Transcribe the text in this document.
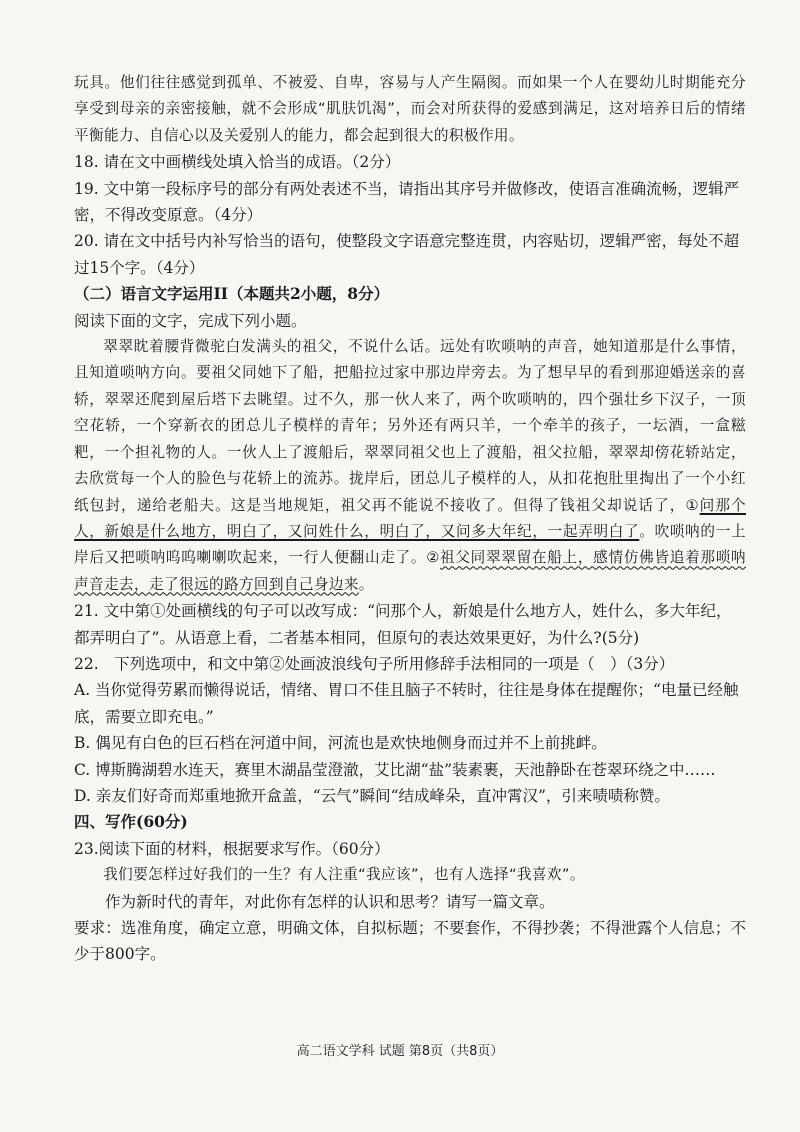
玩具。他们往往感觉到孤单、不被爱、自卑，容易与人产生隔阂。而如果一个人在婴幼儿时期能充分享受到母亲的亲密接触，就不会形成“肌肤饥渴”，而会对所获得的爱感到满足，这对培养日后的情绪平衡能力、自信心以及关爱别人的能力，都会起到很大的积极作用。

18. 请在文中画横线处填入恰当的成语。（2分）

19. 文中第一段标序号的部分有两处表述不当，请指出其序号并做修改，使语言准确流畅，逻辑严密，不得改变原意。（4分）

20. 请在文中括号内补写恰当的语句，使整段文字语意完整连贯，内容贴切，逻辑严密，每处不超过15个字。（4分）

（二）语言文字运用II（本题共2小题，8分）

阅读下面的文字，完成下列小题。

翠翠眈着腰背微驼白发满头的祖父，不说什么话。远处有吹唢呐的声音，她知道那是什么事情，且知道唢呐方向。要祖父同她下了船，把船拉过家中那边岸旁去。为了想早早的看到那迎婚送亲的喜轿，翠翠还爬到屋后塔下去眺望。过不久，那一伙人来了，两个吹唢呐的，四个强壮乡下汉子，一顶空花轿，一个穿新衣的团总儿子模样的青年；另外还有两只羊，一个牵羊的孩子，一坛酒，一盒糍粑，一个担礼物的人。一伙人上了渡船后，翠翠同祖父也上了渡船，祖父拉船，翠翠却傍花轿站定，去欣赏每一个人的脸色与花轿上的流苏。拢岸后，团总儿子模样的人，从扣花抱肚里掏出了一个小红纸包封，递给老船夫。这是当地规矩，祖父再不能说不接收了。但得了钱祖父却说话了，①问那个人，新娘是什么地方，明白了，又问姓什么，明白了，又问多大年纪，一起弄明白了。吹唢呐的一上岸后又把唢呐呜呜喇喇吹起来，一行人便翻山走了。②祖父同翠翠留在船上，感情仿佛皆追着那唢呐声音走去，走了很远的路方回到自己身边来。

21. 文中第①处画横线的句子可以改写成：“问那个人，新娘是什么地方人，姓什么，多大年纪，都弄明白了”。从语意上看，二者基本相同，但原句的表达效果更好，为什么?(5分)

22.　下列选项中，和文中第②处画波浪线句子所用修辞手法相同的一项是（　）（3分）

A. 当你觉得劳累而懒得说话，情绪、胃口不佳且脑子不转时，往往是身体在提醒你；“电量已经触底，需要立即充电。”

B. 偶见有白色的巨石档在河道中间，河流也是欢快地侧身而过并不上前挑衅。

C. 博斯腾湖碧水连天，赛里木湖晶莹澄澈，艾比湖“盐”装素裹，天池静卧在苍翠环绕之中……

D. 亲友们好奇而郑重地掀开盒盖，“云气”瞬间“结成峰朵，直冲霄汉”，引来啧啧称赞。

四、写作(60分)

23.阅读下面的材料，根据要求写作。（60分）

我们要怎样过好我们的一生？有人注重“我应该”，也有人选择“我喜欢”。

作为新时代的青年，对此你有怎样的认识和思考？请写一篇文章。

要求：选准角度，确定立意，明确文体，自拟标题；不要套作，不得抄袭；不得泄露个人信息；不少于800字。

高二语文学科 试题 第8页（共8页）
